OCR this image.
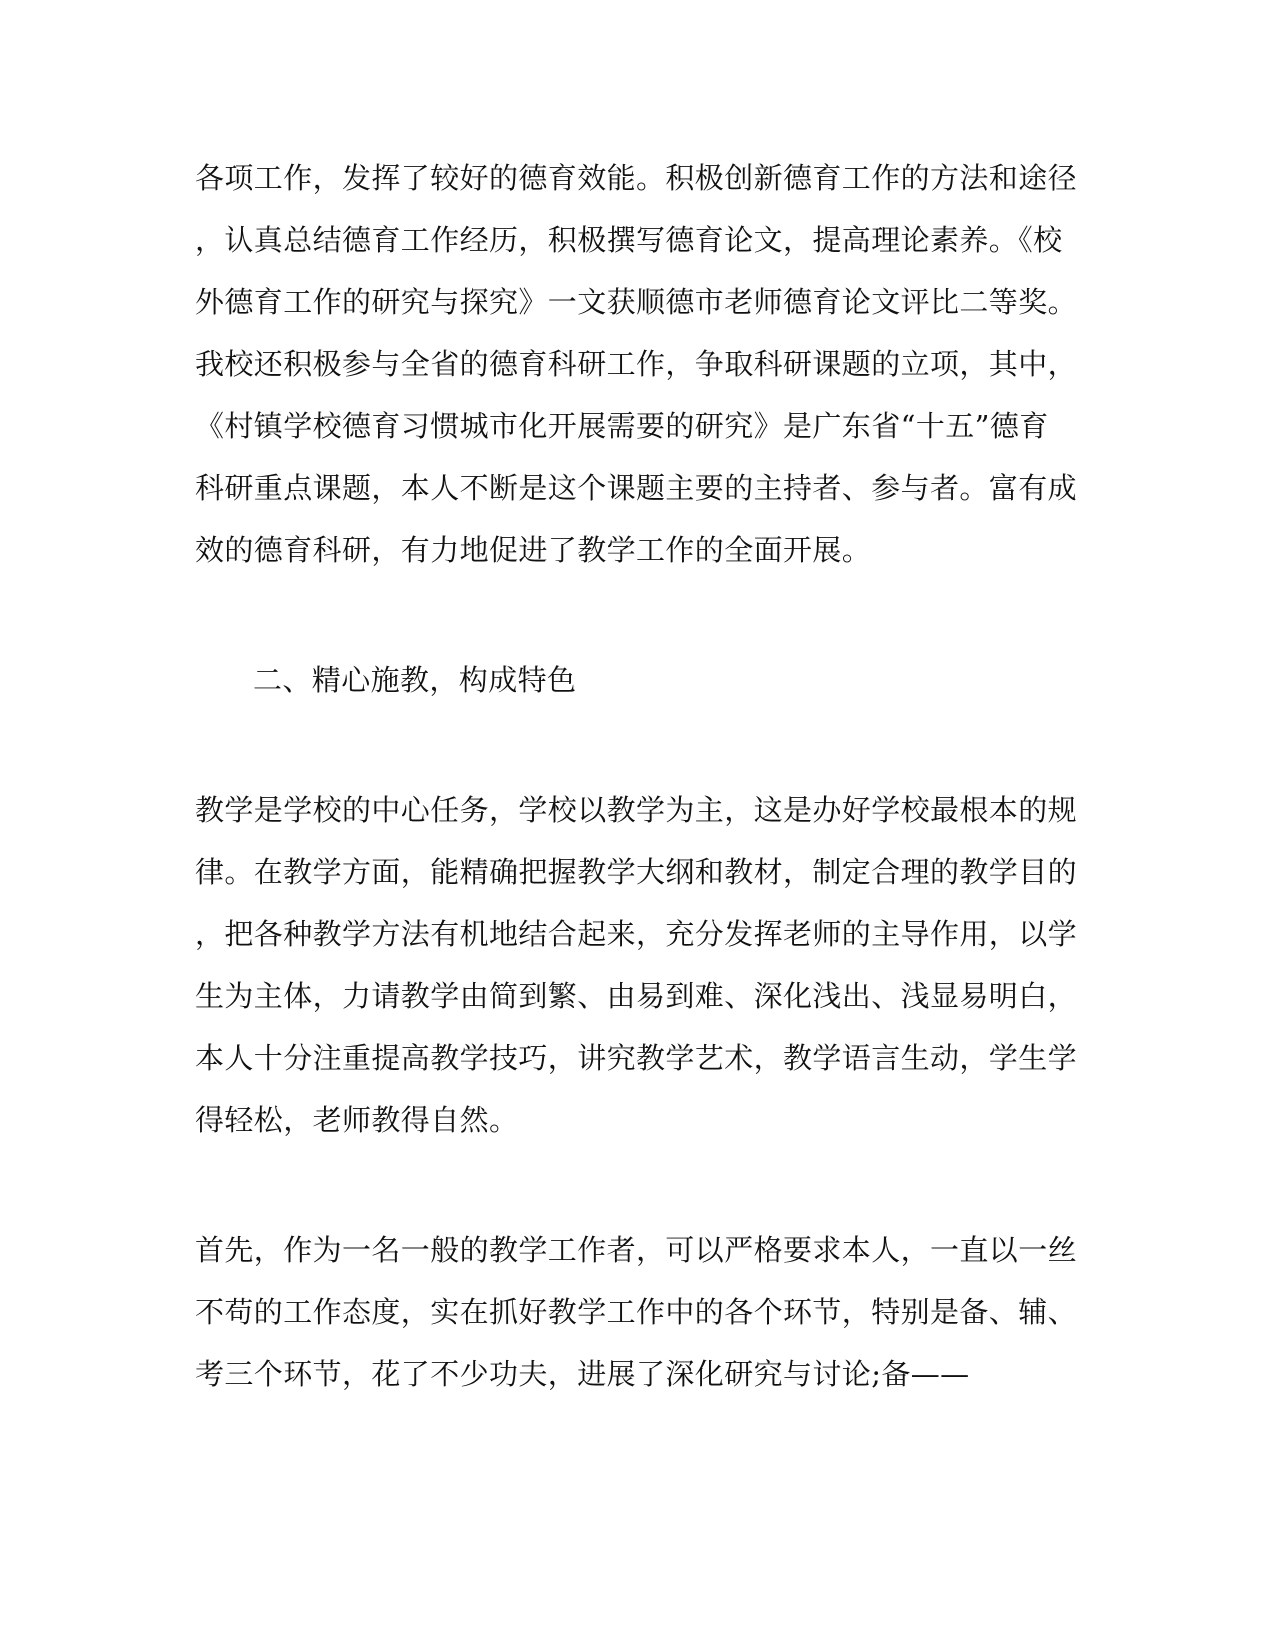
各项工作，发挥了较好的德育效能。积极创新德育工作的方法和途径
，认真总结德育工作经历，积极撰写德育论文，提高理论素养。《校
外德育工作的研究与探究》一文获顺德市老师德育论文评比二等奖。
我校还积极参与全省的德育科研工作，争取科研课题的立项，其中，
《村镇学校德育习惯城市化开展需要的研究》是广东省“十五”德育
科研重点课题，本人不断是这个课题主要的主持者、参与者。富有成
效的德育科研，有力地促进了教学工作的全面开展。
二、精心施教，构成特色
教学是学校的中心任务，学校以教学为主，这是办好学校最根本的规
律。在教学方面，能精确把握教学大纲和教材，制定合理的教学目的
，把各种教学方法有机地结合起来，充分发挥老师的主导作用，以学
生为主体，力请教学由简到繁、由易到难、深化浅出、浅显易明白，
本人十分注重提高教学技巧，讲究教学艺术，教学语言生动，学生学
得轻松，老师教得自然。
首先，作为一名一般的教学工作者，可以严格要求本人，一直以一丝
不苟的工作态度，实在抓好教学工作中的各个环节，特别是备、辅、
考三个环节，花了不少功夫，进展了深化研究与讨论;备——
